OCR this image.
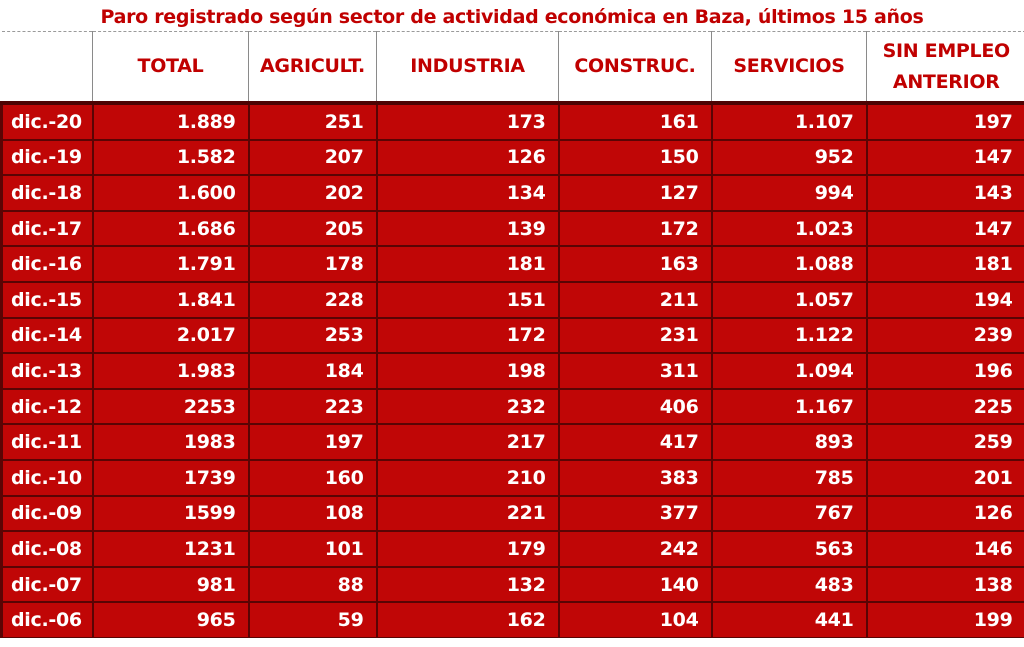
Paro registrado según sector de actividad económica en Baza, últimos 15 años
	TOTAL	AGRICULT.	INDUSTRIA	CONSTRUC.	SERVICIOS	SIN EMPLEO ANTERIOR
dic.-20	1.889	251	173	161	1.107	197
dic.-19	1.582	207	126	150	952	147
dic.-18	1.600	202	134	127	994	143
dic.-17	1.686	205	139	172	1.023	147
dic.-16	1.791	178	181	163	1.088	181
dic.-15	1.841	228	151	211	1.057	194
dic.-14	2.017	253	172	231	1.122	239
dic.-13	1.983	184	198	311	1.094	196
dic.-12	2253	223	232	406	1.167	225
dic.-11	1983	197	217	417	893	259
dic.-10	1739	160	210	383	785	201
dic.-09	1599	108	221	377	767	126
dic.-08	1231	101	179	242	563	146
dic.-07	981	88	132	140	483	138
dic.-06	965	59	162	104	441	199
